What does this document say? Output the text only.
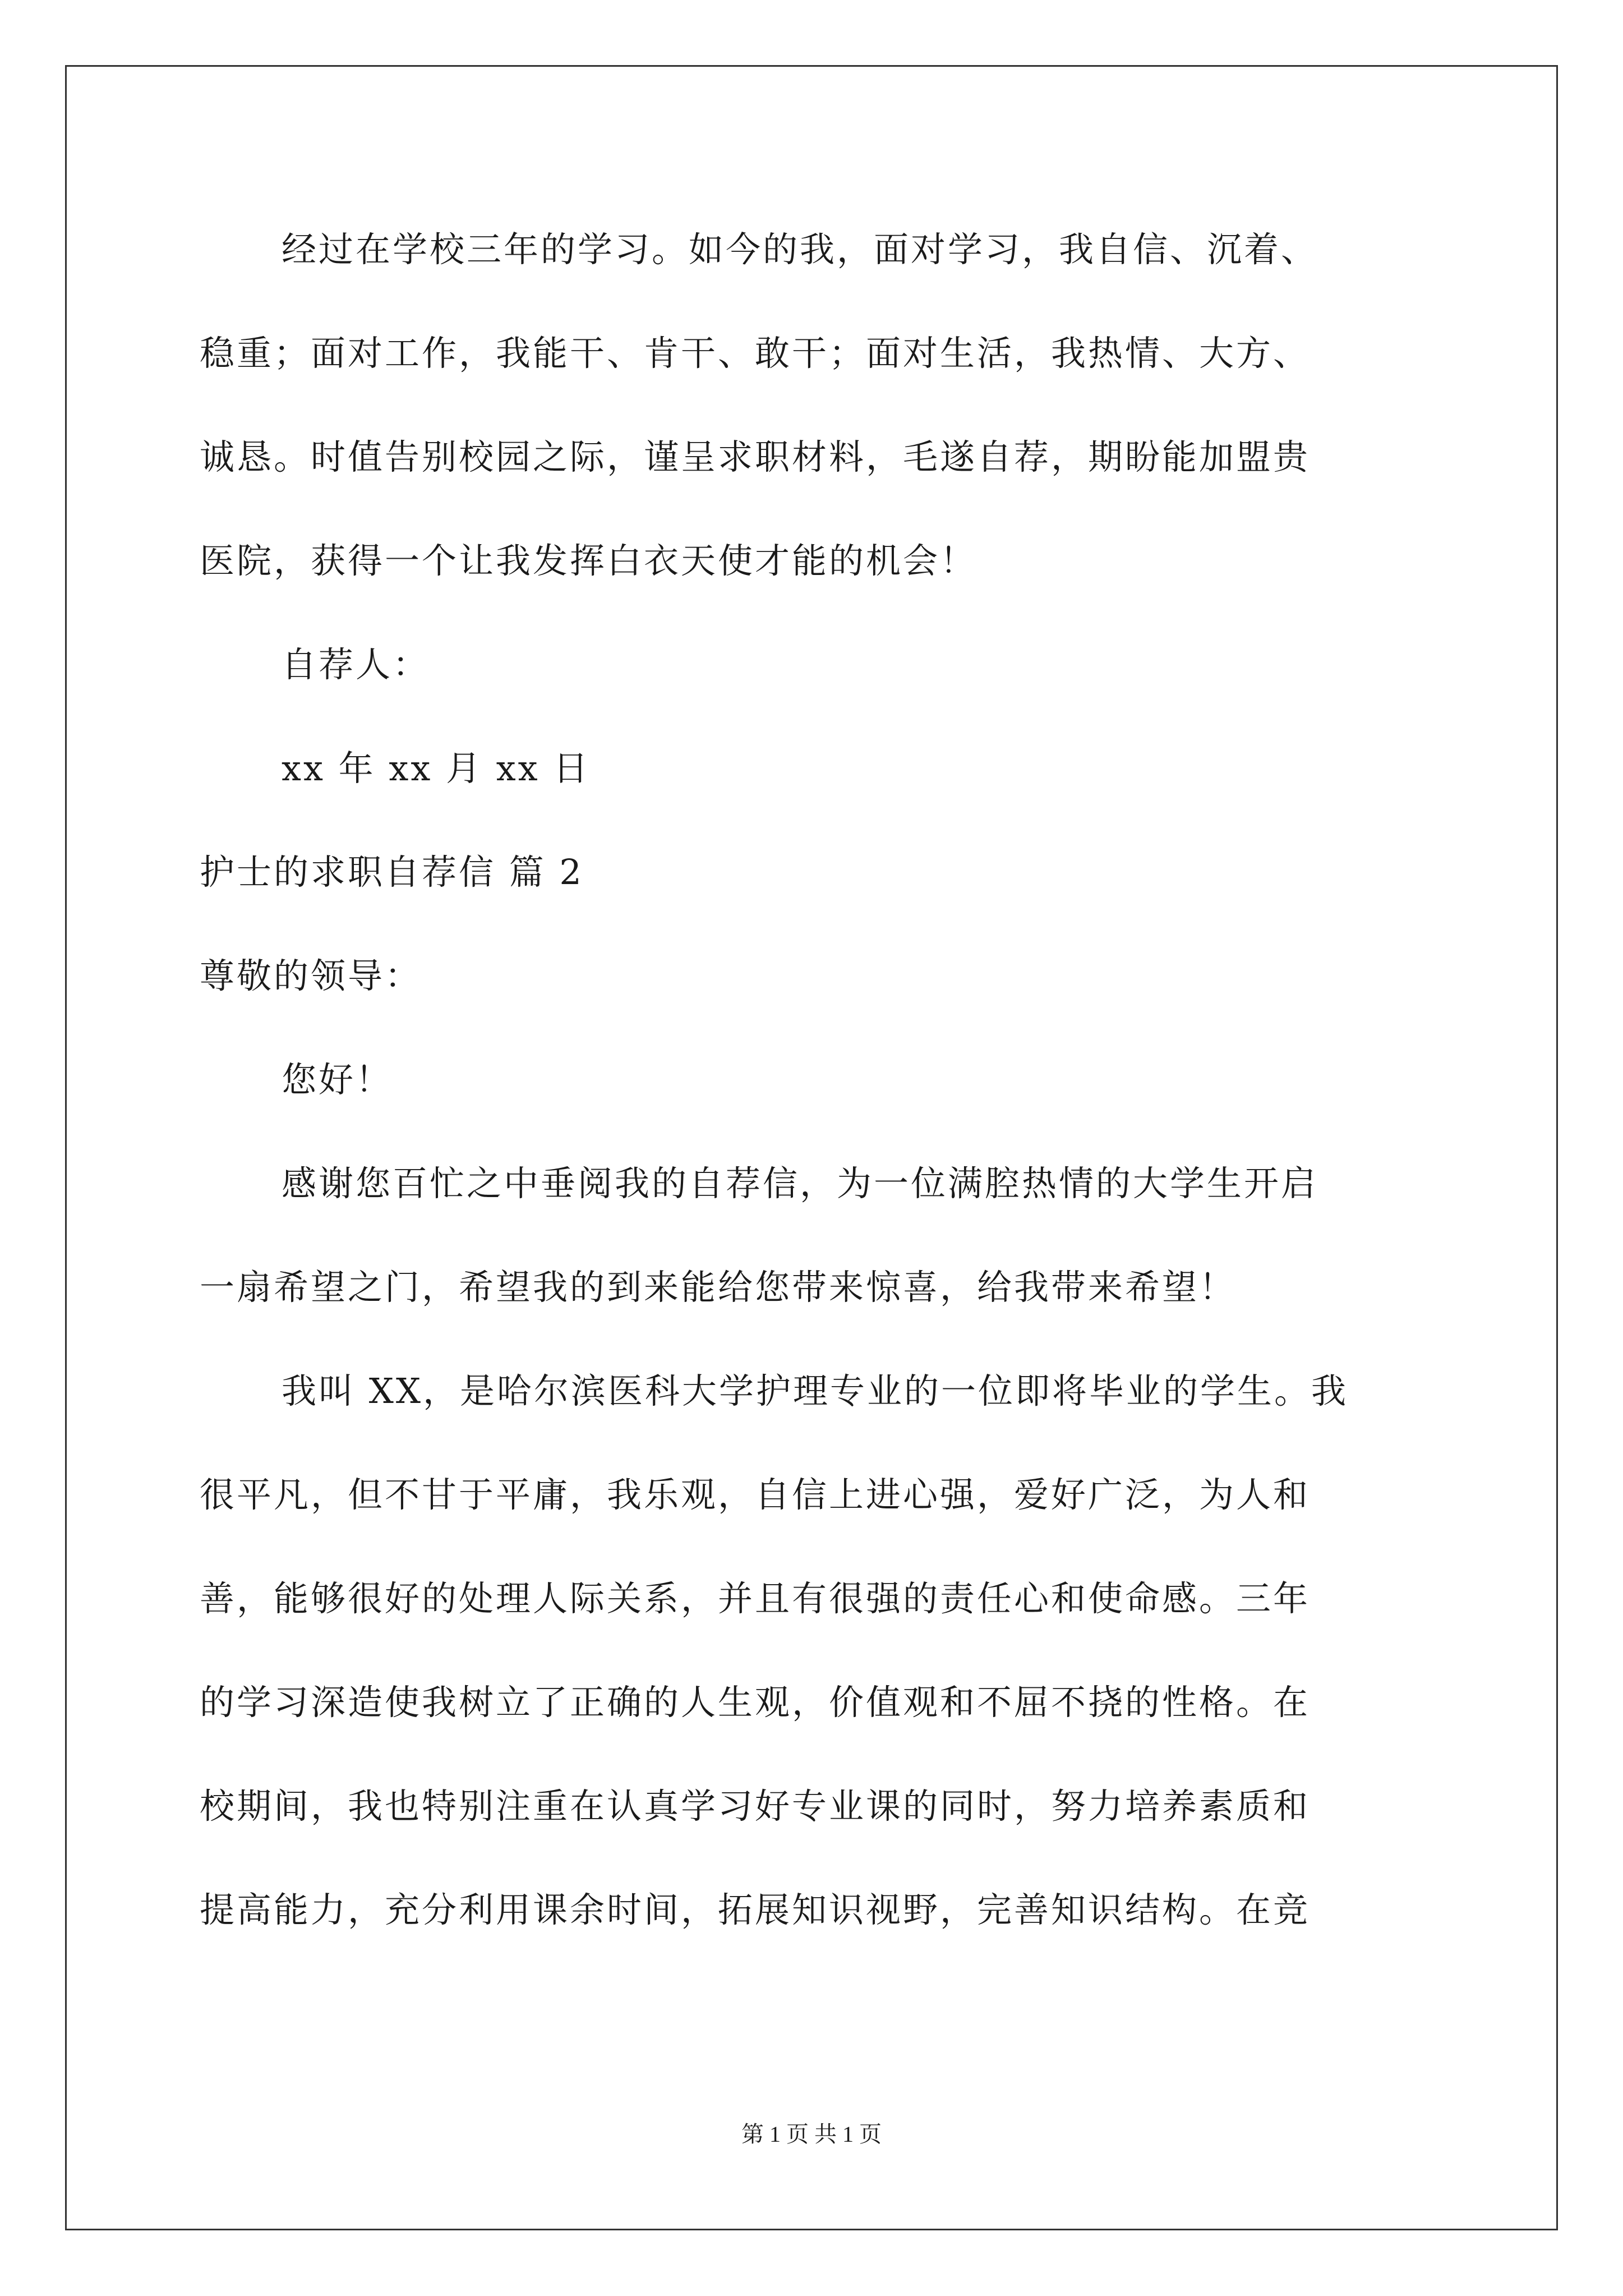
经过在学校三年的学习。如今的我，面对学习，我自信、沉着、
稳重；面对工作，我能干、肯干、敢干；面对生活，我热情、大方、
诚恳。时值告别校园之际，谨呈求职材料，毛遂自荐，期盼能加盟贵
医院，获得一个让我发挥白衣天使才能的机会！
自荐人：
xx 年 xx 月 xx 日
护士的求职自荐信 篇 2
尊敬的领导：
您好！
感谢您百忙之中垂阅我的自荐信，为一位满腔热情的大学生开启
一扇希望之门，希望我的到来能给您带来惊喜，给我带来希望！
我叫 XX，是哈尔滨医科大学护理专业的一位即将毕业的学生。我
很平凡，但不甘于平庸，我乐观，自信上进心强，爱好广泛，为人和
善，能够很好的处理人际关系，并且有很强的责任心和使命感。三年
的学习深造使我树立了正确的人生观，价值观和不屈不挠的性格。在
校期间，我也特别注重在认真学习好专业课的同时，努力培养素质和
提高能力，充分利用课余时间，拓展知识视野，完善知识结构。在竞
第 1 页 共 1 页
